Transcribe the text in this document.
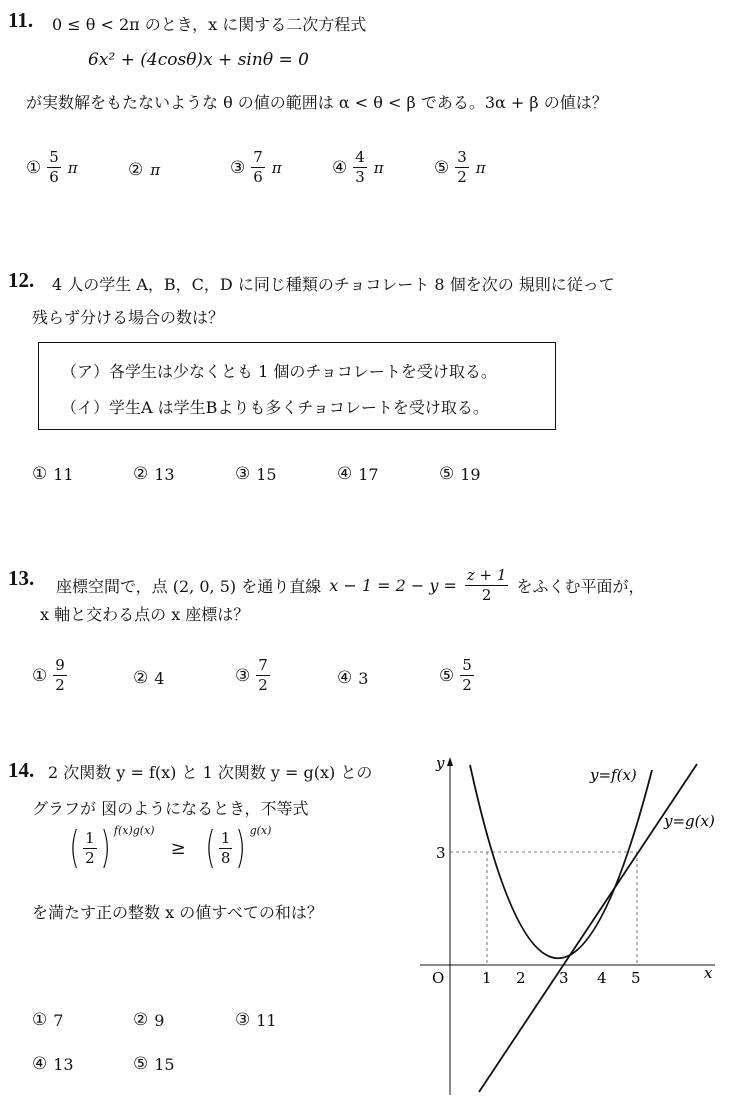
11. 0 ≤ θ < 2π のとき，x に関する二次方程式
6x² + (4cosθ)x + sinθ = 0
が実数解をもたないような θ の値の範囲は α < θ < β である。3α + β の値は？
① $\frac{5}{6}$ π	② π	③ $\frac{7}{6}$ π	④ $\frac{4}{3}$ π	⑤ $\frac{3}{2}$ π
12. 4 人の学生 A，B，C，D に同じ種類のチョコレート 8 個を次の 規則に従って
残らず分ける場合の数は？
（ア）各学生は少なくとも 1 個のチョコレートを受け取る。
（イ）学生A は学生Bよりも多くチョコレートを受け取る。
① 11	② 13	③ 15	④ 17	⑤ 19
13. 座標空間で，点 (2, 0, 5) を通り直線 $x - 1 = 2 - y = \frac{z + 1}{2}$ をふくむ平面が，
x 軸と交わる点の x 座標は？
① $\frac{9}{2}$	② 4	③ $\frac{7}{2}$	④ 3	⑤ $\frac{5}{2}$
14. 2 次関数 y = f(x) と 1 次関数 y = g(x) との
グラフが 図のようになるとき，不等式
( $\frac{1}{2}$ ) f(x)g(x)
≥ ( $\frac{1}{8}$ ) g(x)
を満たす正の整数 x の値すべての和は？
① 7	② 9	③ 11
④ 13	⑤ 15
y
x
O
3
1 2 3 4 5
y=f(x)
y=g(x)
